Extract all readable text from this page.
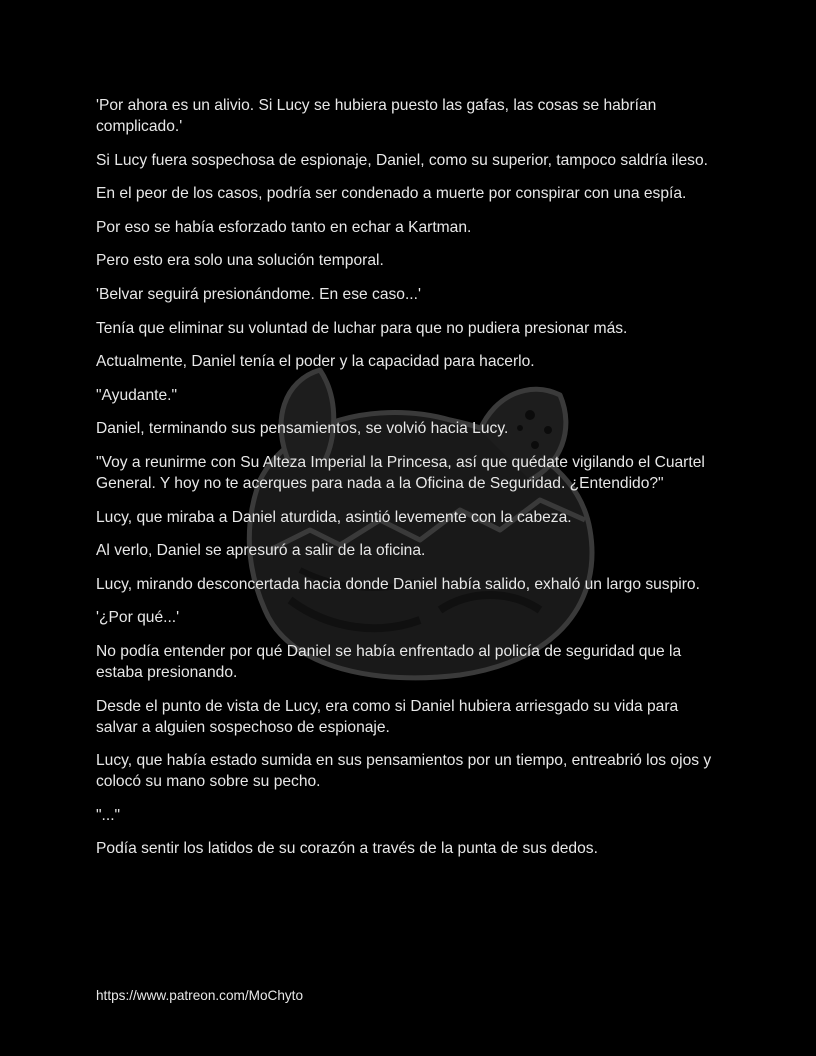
'Por ahora es un alivio. Si Lucy se hubiera puesto las gafas, las cosas se habrían complicado.'

Si Lucy fuera sospechosa de espionaje, Daniel, como su superior, tampoco saldría ileso.

En el peor de los casos, podría ser condenado a muerte por conspirar con una espía.

Por eso se había esforzado tanto en echar a Kartman.

Pero esto era solo una solución temporal.

'Belvar seguirá presionándome. En ese caso...'

Tenía que eliminar su voluntad de luchar para que no pudiera presionar más.

Actualmente, Daniel tenía el poder y la capacidad para hacerlo.

"Ayudante."

Daniel, terminando sus pensamientos, se volvió hacia Lucy.

"Voy a reunirme con Su Alteza Imperial la Princesa, así que quédate vigilando el Cuartel General. Y hoy no te acerques para nada a la Oficina de Seguridad. ¿Entendido?"

Lucy, que miraba a Daniel aturdida, asintió levemente con la cabeza.

Al verlo, Daniel se apresuró a salir de la oficina.

Lucy, mirando desconcertada hacia donde Daniel había salido, exhaló un largo suspiro.

'¿Por qué...'

No podía entender por qué Daniel se había enfrentado al policía de seguridad que la estaba presionando.

Desde el punto de vista de Lucy, era como si Daniel hubiera arriesgado su vida para salvar a alguien sospechoso de espionaje.

Lucy, que había estado sumida en sus pensamientos por un tiempo, entreabrió los ojos y colocó su mano sobre su pecho.

"..."

Podía sentir los latidos de su corazón a través de la punta de sus dedos.

https://www.patreon.com/MoChyto
